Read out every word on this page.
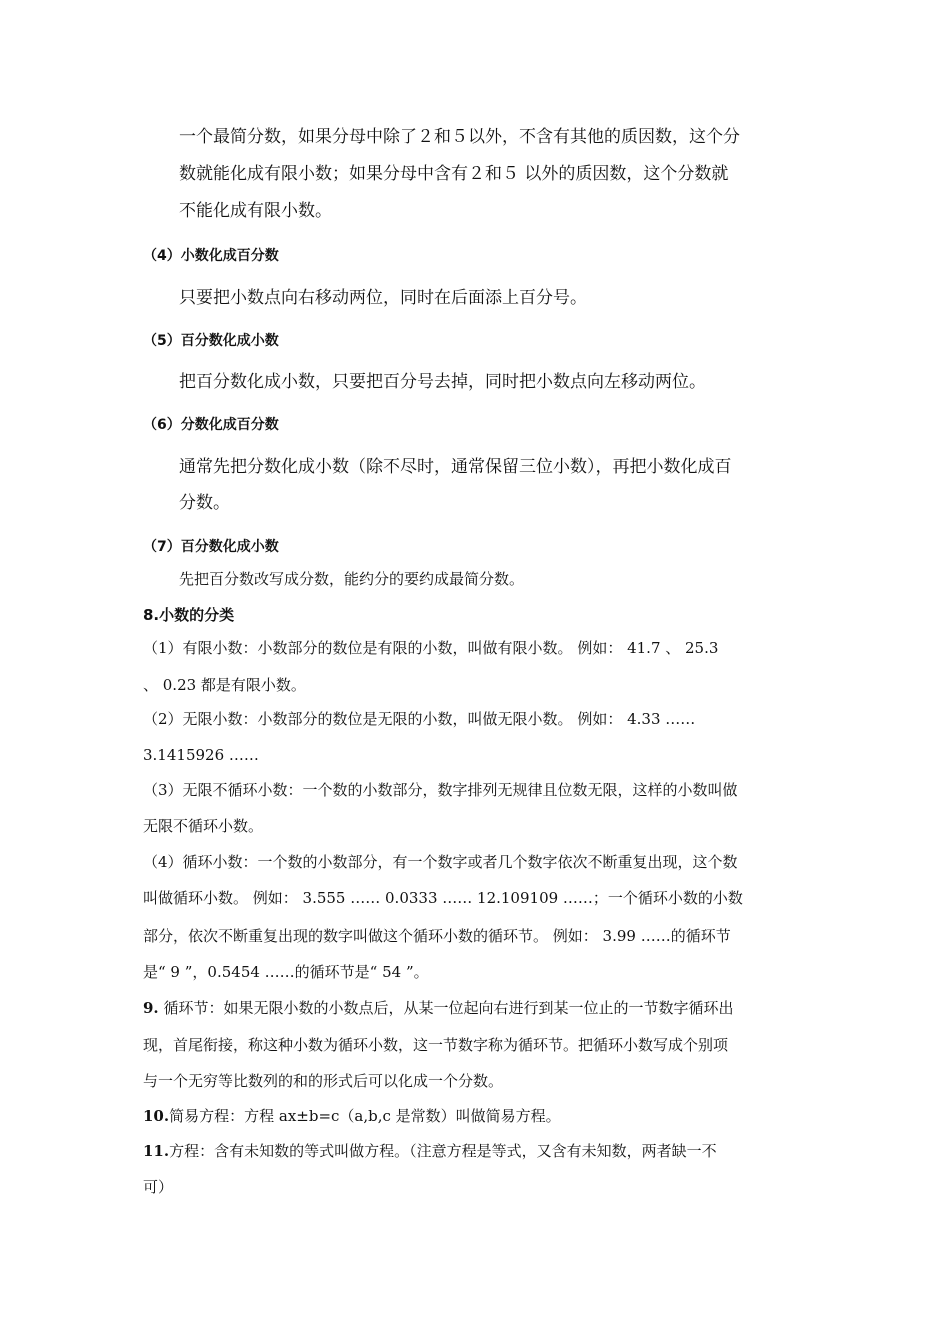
一个最简分数，如果分母中除了２和５以外，不含有其他的质因数，这个分
数就能化成有限小数；如果分母中含有２和５ 以外的质因数，这个分数就
不能化成有限小数。
（4）小数化成百分数
只要把小数点向右移动两位，同时在后面添上百分号。
（5）百分数化成小数
把百分数化成小数，只要把百分号去掉，同时把小数点向左移动两位。
（6）分数化成百分数
通常先把分数化成小数（除不尽时，通常保留三位小数），再把小数化成百
分数。
（7）百分数化成小数
先把百分数改写成分数，能约分的要约成最简分数。
8.小数的分类
（1）有限小数：小数部分的数位是有限的小数，叫做有限小数。 例如： 41.7 、 25.3
、 0.23 都是有限小数。
（2）无限小数：小数部分的数位是无限的小数，叫做无限小数。 例如： 4.33 ……
3.1415926 ……
（3）无限不循环小数：一个数的小数部分，数字排列无规律且位数无限，这样的小数叫做
无限不循环小数。
（4）循环小数：一个数的小数部分，有一个数字或者几个数字依次不断重复出现，这个数
叫做循环小数。 例如： 3.555 …… 0.0333 …… 12.109109 ……；一个循环小数的小数
部分，依次不断重复出现的数字叫做这个循环小数的循环节。 例如： 3.99 ……的循环节
是“ 9 ”，0.5454 ……的循环节是“ 54 ”。
9. 循环节：如果无限小数的小数点后，从某一位起向右进行到某一位止的一节数字循环出
现，首尾衔接，称这种小数为循环小数，这一节数字称为循环节。把循环小数写成个别项
与一个无穷等比数列的和的形式后可以化成一个分数。
10.简易方程：方程 ax±b=c（a,b,c 是常数）叫做简易方程。
11.方程：含有未知数的等式叫做方程。（注意方程是等式，又含有未知数，两者缺一不
可）
